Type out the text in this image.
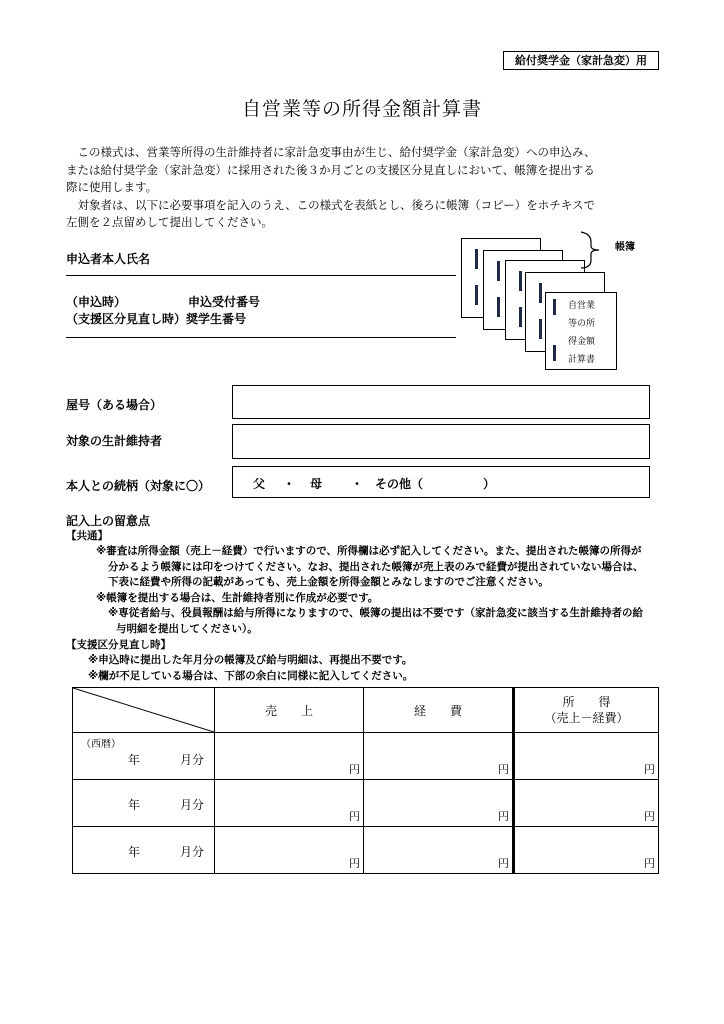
給付奨学金（家計急変）用
自営業等の所得金額計算書

　この様式は、営業等所得の生計維持者に家計急変事由が生じ、給付奨学金（家計急変）への申込み、

または給付奨学金（家計急変）に採用された後３か月ごとの支援区分見直しにおいて、帳簿を提出する

際に使用します。

　対象者は、以下に必要事項を記入のうえ、この様式を表紙とし、後ろに帳簿（コピー）をホチキスで

左側を２点留めして提出してください。

申込者本人氏名
（申込時）	申込受付番号
（支援区分見直し時）奨学生番号
自営業
等の所
得金額
計算書
帳簿
屋号（ある場合）
対象の生計維持者
本人との続柄（対象に〇）	父 ・ 母 ・ その他（　　　　　）
記入上の留意点
【共通】
※審査は所得金額（売上－経費）で行いますので、所得欄は必ず記入してください。また、提出された帳簿の所得が
分かるよう帳簿には印をつけてください。なお、提出された帳簿が売上表のみで経費が提出されていない場合は、
下表に経費や所得の記載があっても、売上金額を所得金額とみなしますのでご注意ください。
※帳簿を提出する場合は、生計維持者別に作成が必要です。
※専従者給与、役員報酬は給与所得になりますので、帳簿の提出は不要です（家計急変に該当する生計維持者の給
与明細を提出してください）。
【支援区分見直し時】
※申込時に提出した年月分の帳簿及び給与明細は、再提出不要です。
※欄が不足している場合は、下部の余白に同様に記入してください。
	売　　上	経　　費	所　　得
（売上－経費）

（西暦）
年 月分	円	円	円

年 月分	円	円	円

年 月分	円	円	円
